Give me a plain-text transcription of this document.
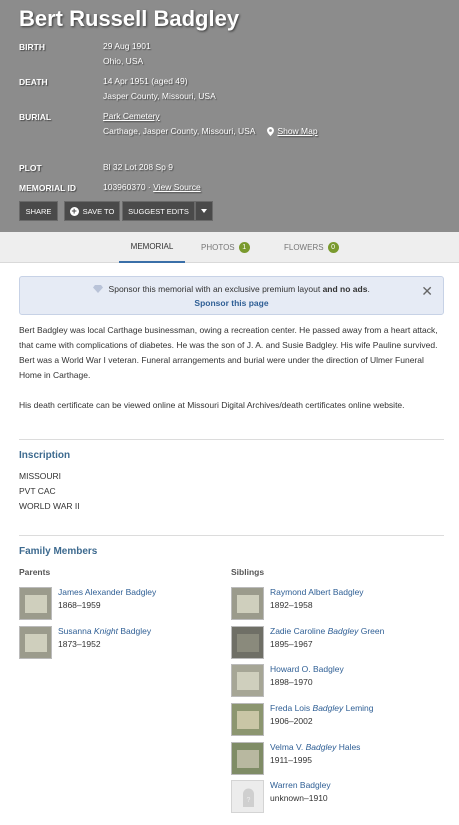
Bert Russell Badgley
BIRTH	29 Aug 1901
Ohio, USA
DEATH	14 Apr 1951 (aged 49)
Jasper County, Missouri, USA
BURIAL	Park Cemetery
Carthage, Jasper County, Missouri, USA	Show Map
PLOT	Bl 32 Lot 208 Sp 9
MEMORIAL ID	103960370 · View Source
SHARE + SAVE TO SUGGEST EDITS
MEMORIAL	PHOTOS	1	FLOWERS	0
Sponsor this memorial with an exclusive premium layout and no ads.
Sponsor this page
✕
Bert Badgley was local Carthage businessman, owing a recreation center. He passed away from a heart attack, that came with complications of diabetes. He was the son of J. A. and Susie Badgley. His wife Pauline survived. Bert was a World War I veteran. Funeral arrangements and burial were under the direction of Ulmer Funeral Home in Carthage.
His death certificate can be viewed online at Missouri Digital Archives/death certificates online website.
Inscription
MISSOURI
PVT CAC
WORLD WAR II
Family Members
Parents	Siblings
James Alexander Badgley
1868–1959
Susanna Knight Badgley
1873–1952
Raymond Albert Badgley
1892–1958
Zadie Caroline Badgley Green
1895–1967
Howard O. Badgley
1898–1970
Freda Lois Badgley Leming
1906–2002
Velma V. Badgley Hales
1911–1995
?
Warren Badgley
unknown–1910
